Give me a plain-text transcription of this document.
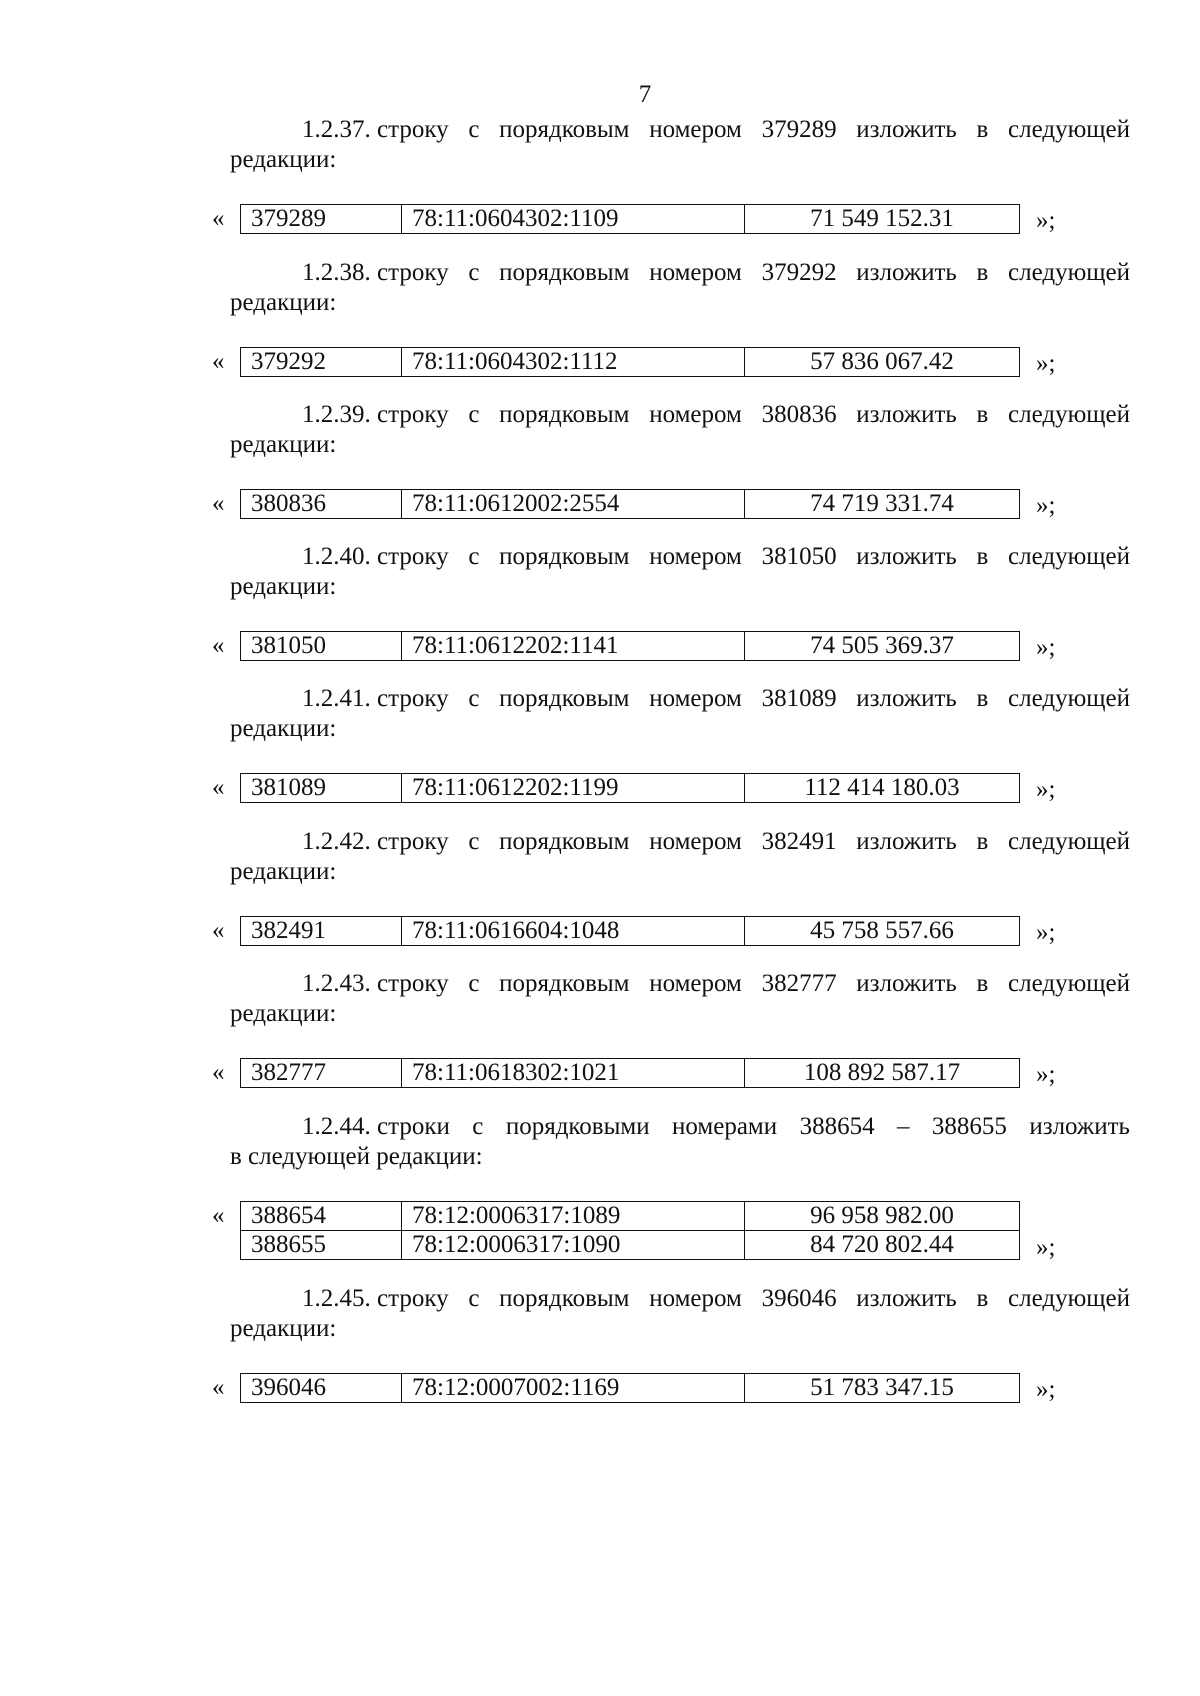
7
1.2.37. строку с порядковым номером 379289 изложить в следующей
редакции:
« 379289	78:11:0604302:1109	71 549 152.31	»;
1.2.38. строку с порядковым номером 379292 изложить в следующей
редакции:
« 379292	78:11:0604302:1112	57 836 067.42	»;
1.2.39. строку с порядковым номером 380836 изложить в следующей
редакции:
« 380836	78:11:0612002:2554	74 719 331.74	»;
1.2.40. строку с порядковым номером 381050 изложить в следующей
редакции:
« 381050	78:11:0612202:1141	74 505 369.37	»;
1.2.41. строку с порядковым номером 381089 изложить в следующей
редакции:
« 381089	78:11:0612202:1199	112 414 180.03	»;
1.2.42. строку с порядковым номером 382491 изложить в следующей
редакции:
« 382491	78:11:0616604:1048	45 758 557.66	»;
1.2.43. строку с порядковым номером 382777 изложить в следующей
редакции:
« 382777	78:11:0618302:1021	108 892 587.17	»;
1.2.44. строки с порядковыми номерами 388654 – 388655 изложить
в следующей редакции:
« 388654	78:12:0006317:1089	96 958 982.00
388655	78:12:0006317:1090	84 720 802.44	»;
1.2.45. строку с порядковым номером 396046 изложить в следующей
редакции:
« 396046	78:12:0007002:1169	51 783 347.15	»;
